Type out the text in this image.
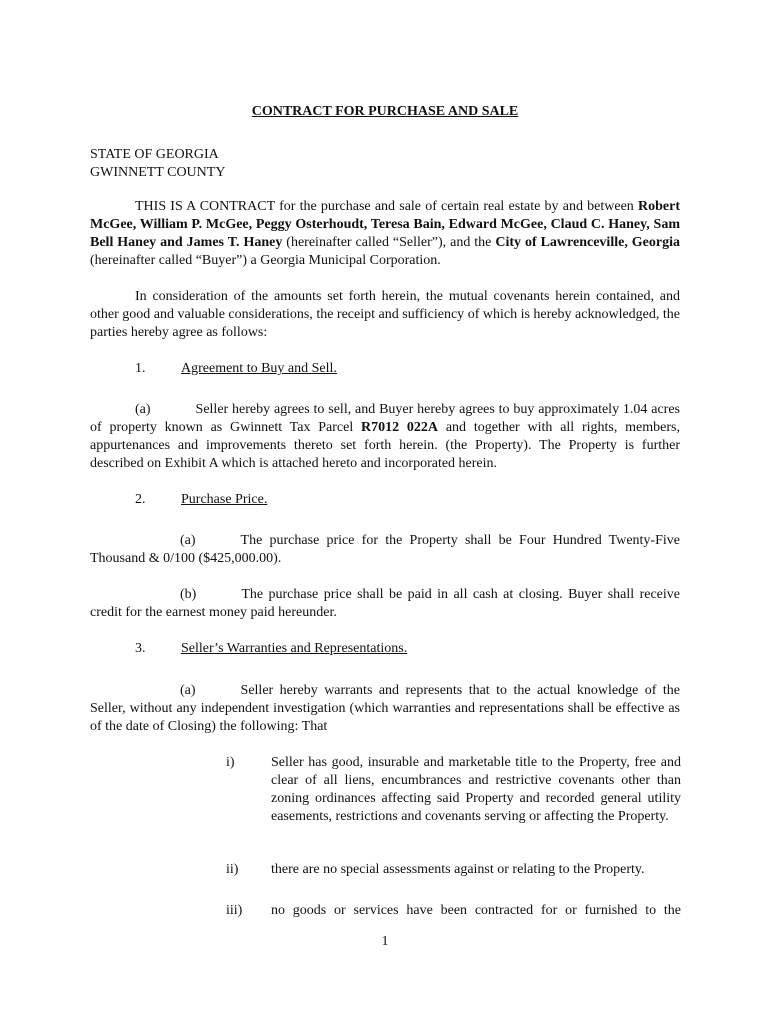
CONTRACT FOR PURCHASE AND SALE

STATE OF GEORGIA

GWINNETT COUNTY

THIS IS A CONTRACT for the purchase and sale of certain real estate by and between Robert McGee, William P. McGee, Peggy Osterhoudt, Teresa Bain, Edward McGee, Claud C. Haney, Sam Bell Haney and James T. Haney (hereinafter called “Seller”), and the City of Lawrenceville, Georgia (hereinafter called “Buyer”) a Georgia Municipal Corporation.

In consideration of the amounts set forth herein, the mutual covenants herein contained, and other good and valuable considerations, the receipt and sufficiency of which is hereby acknowledged, the parties hereby agree as follows:

1.	Agreement to Buy and Sell.

(a)	Seller hereby agrees to sell, and Buyer hereby agrees to buy approximately 1.04 acres of property known as Gwinnett Tax Parcel R7012 022A and together with all rights, members, appurtenances and improvements thereto set forth herein. (the Property). The Property is further described on Exhibit A which is attached hereto and incorporated herein.

2.	Purchase Price.

(a)	The purchase price for the Property shall be Four Hundred Twenty-Five Thousand & 0/100 ($425,000.00).

(b)	The purchase price shall be paid in all cash at closing. Buyer shall receive credit for the earnest money paid hereunder.

3.	Seller’s Warranties and Representations.

(a)	Seller hereby warrants and represents that to the actual knowledge of the Seller, without any independent investigation (which warranties and representations shall be effective as of the date of Closing) the following: That

i)	Seller has good, insurable and marketable title to the Property, free and clear of all liens, encumbrances and restrictive covenants other than zoning ordinances affecting said Property and recorded general utility easements, restrictions and covenants serving or affecting the Property.

ii) there are no special assessments against or relating to the Property.

iii) no goods or services have been contracted for or furnished to the

1
